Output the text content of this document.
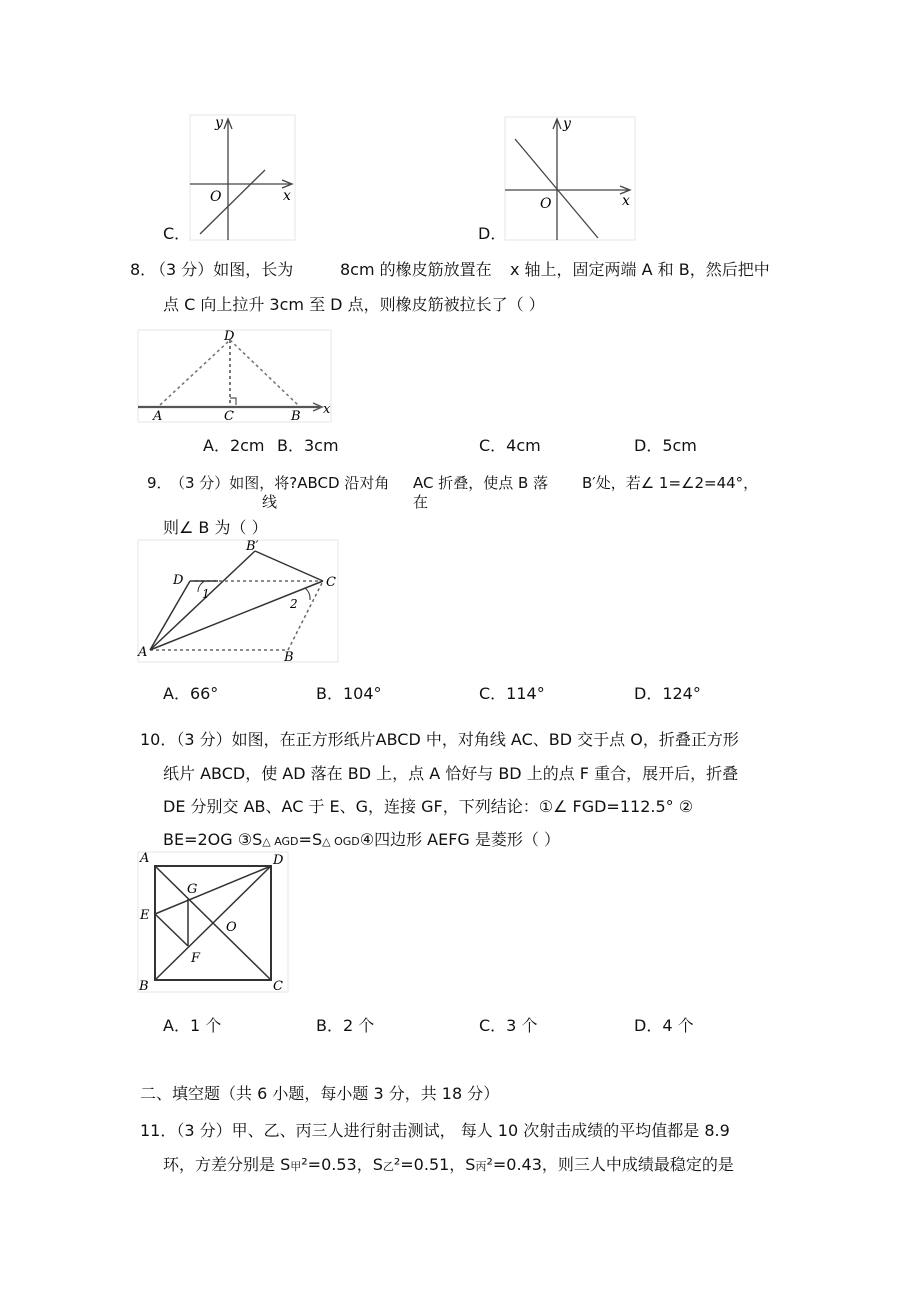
y
x
O
C．
y
x
O
D．
8．
（3 分）如图，长为	8cm 的橡皮筋放置在 x 轴上，固定两端 A 和 B，然后把中
点 C 向上拉升 3cm 至 D 点，则橡皮筋被拉长了（ ）
D
A	C	B x
A．2cm B．3cm	C．4cm	D．5cm
9．
（3 分）如图，将?ABCD 沿对角
线
AC 折叠，使点 B 落
在
B′处，若∠ 1=∠2=44°，
则∠ B 为（ ）
B′
D	C
A	B
1
2
A．66°	B．104°	C．114°	D．124°
10．（3 分）如图，在正方形纸片ABCD 中，对角线 AC、BD 交于点 O，折叠正方形
纸片 ABCD，使 AD 落在 BD 上，点 A 恰好与 BD 上的点 F 重合，展开后，折叠
DE 分别交 AB、AC 于 E、G，连接 GF，下列结论：①∠ FGD=112.5° ②
BE=2OG ③S△ AGD=S△ OGD④四边形 AEFG 是菱形（ ）
A	D
G
E
O
F
B	C
A．1 个	B．2 个	C．3 个	D．4 个
二、填空题（共 6 小题，每小题 3 分，共 18 分）
11．（3 分）甲、乙、丙三人进行射击测试， 每人 10 次射击成绩的平均值都是 8.9
环，方差分别是 S甲²=0.53，S乙²=0.51，S丙²=0.43，则三人中成绩最稳定的是
